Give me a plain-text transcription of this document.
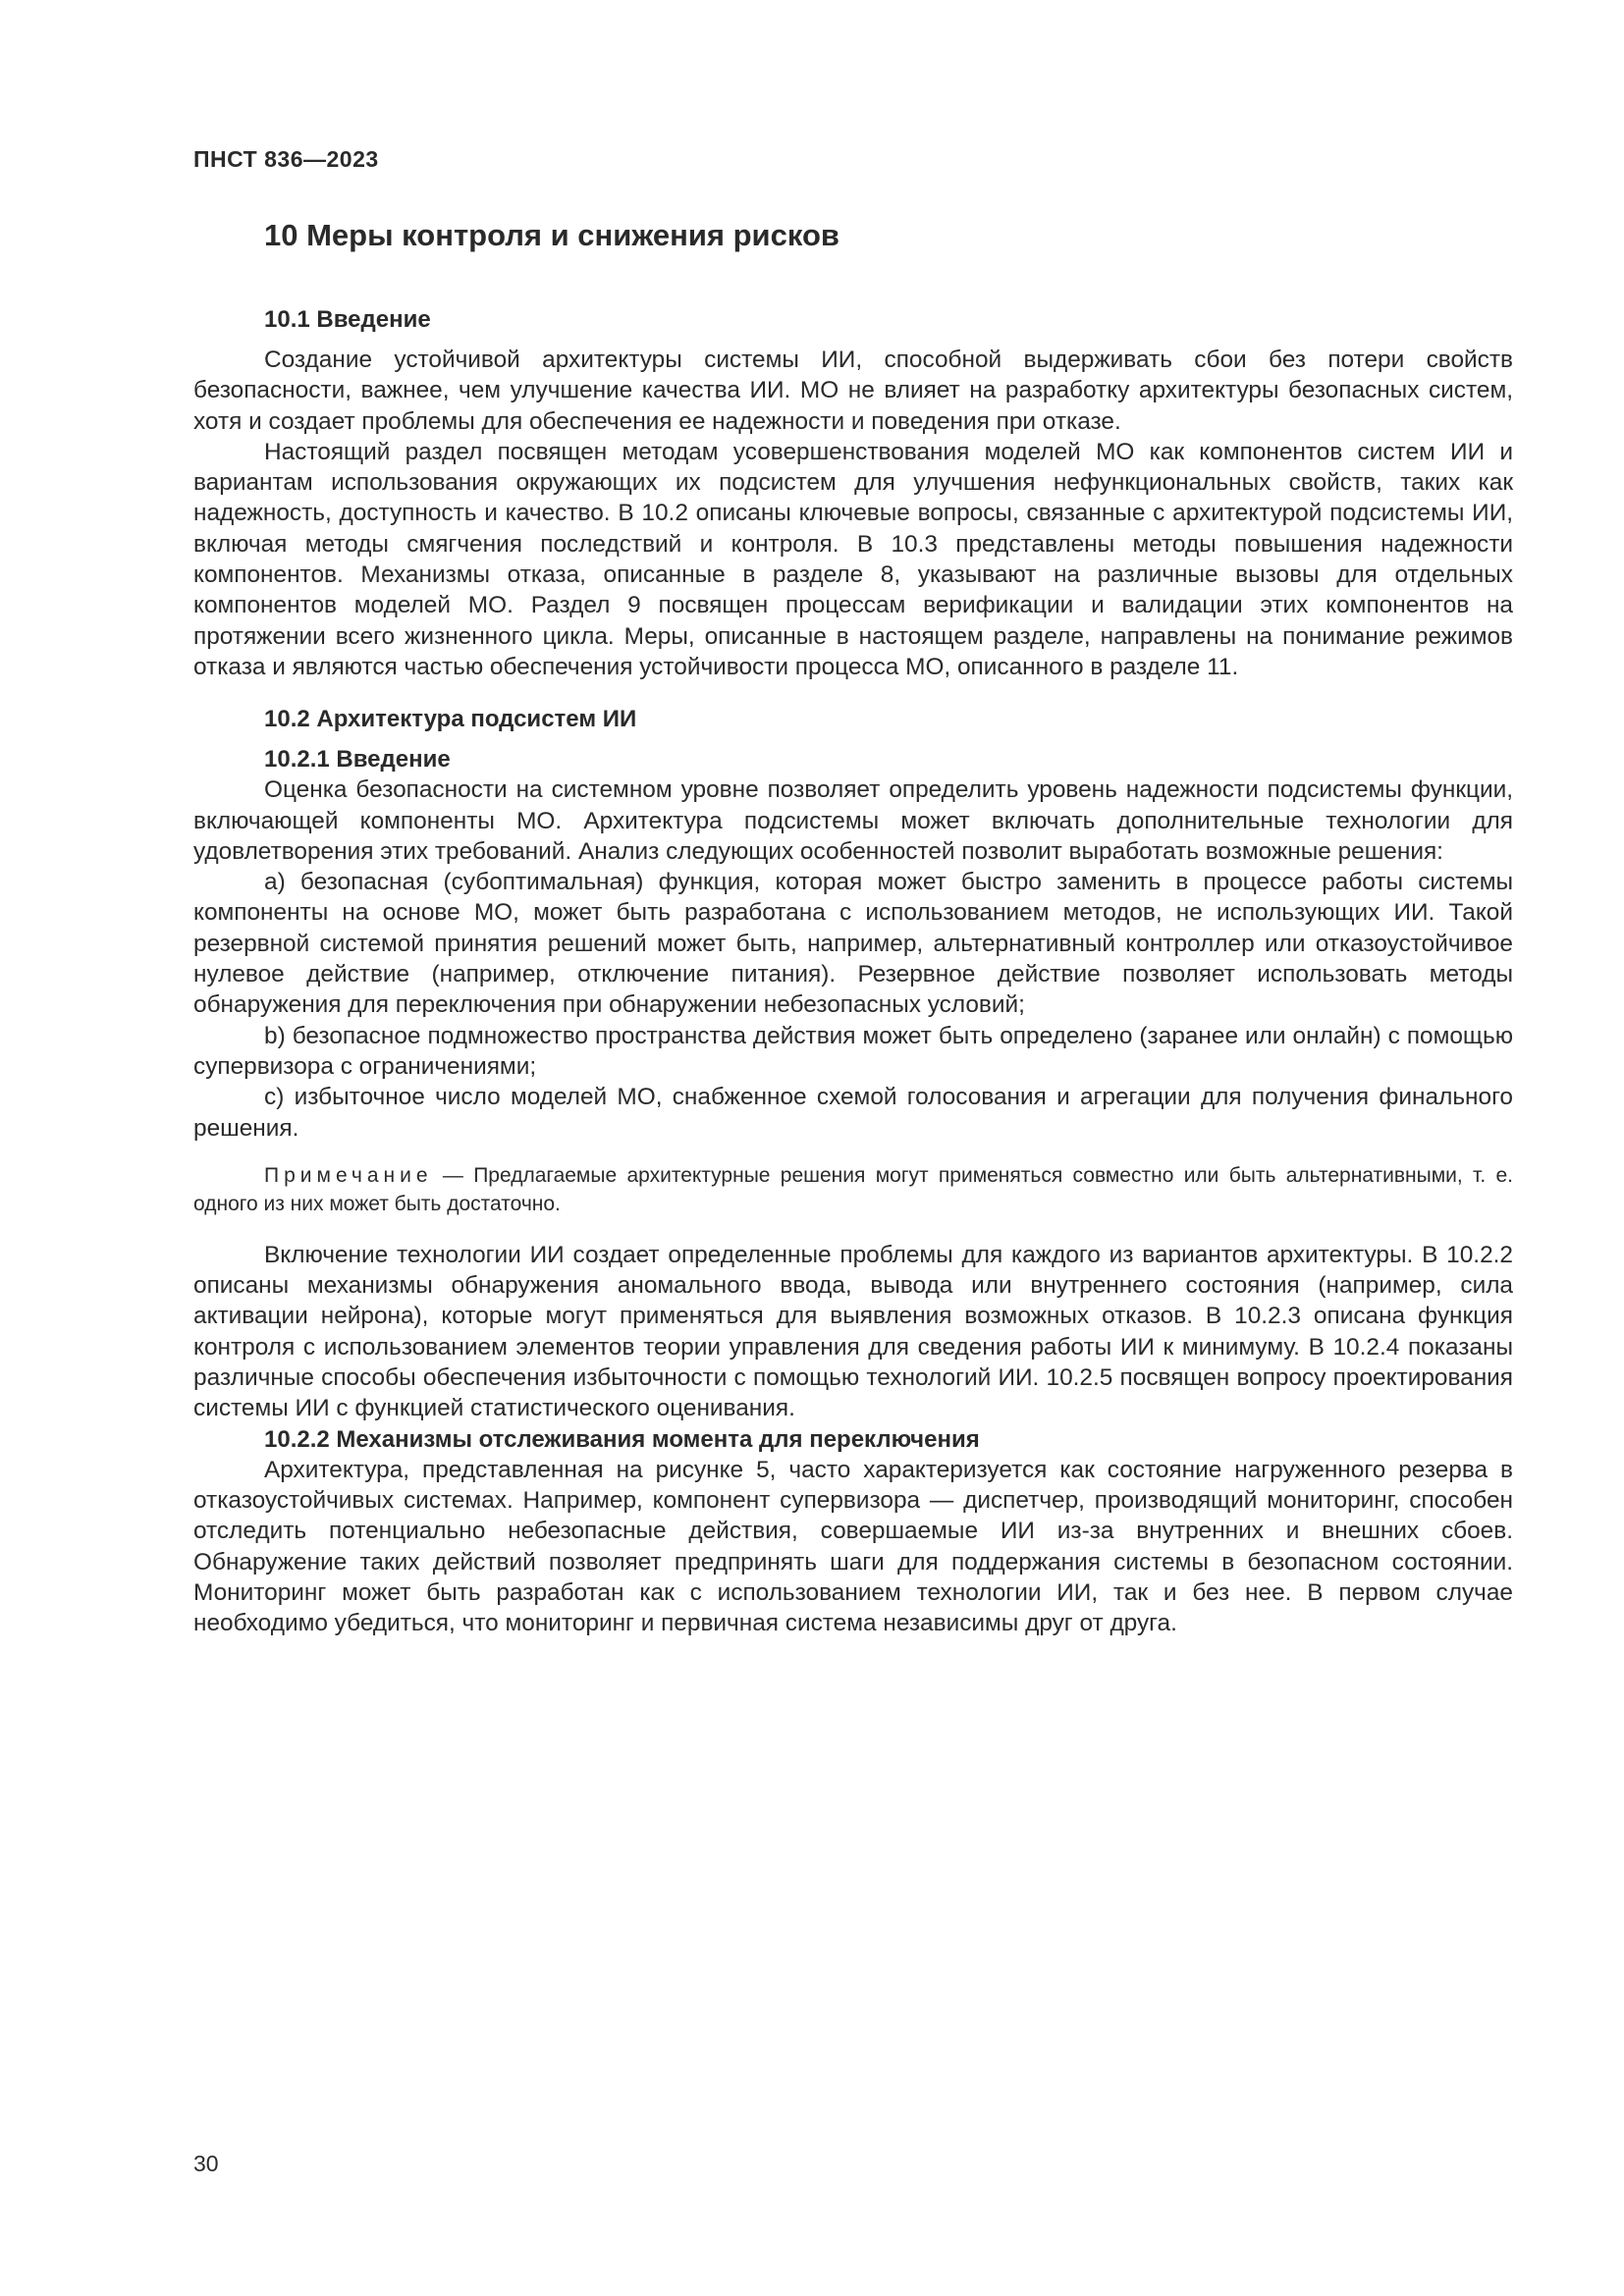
ПНСТ 836—2023
10 Меры контроля и снижения рисков
10.1 Введение

Создание устойчивой архитектуры системы ИИ, способной выдерживать сбои без потери свойств безопасности, важнее, чем улучшение качества ИИ. МО не влияет на разработку архитектуры безопасных систем, хотя и создает проблемы для обеспечения ее надежности и поведения при отказе.

Настоящий раздел посвящен методам усовершенствования моделей МО как компонентов систем ИИ и вариантам использования окружающих их подсистем для улучшения нефункциональных свойств, таких как надежность, доступность и качество. В 10.2 описаны ключевые вопросы, связанные с архитектурой подсистемы ИИ, включая методы смягчения последствий и контроля. В 10.3 представлены методы повышения надежности компонентов. Механизмы отказа, описанные в разделе 8, указывают на различные вызовы для отдельных компонентов моделей МО. Раздел 9 посвящен процессам верификации и валидации этих компонентов на протяжении всего жизненного цикла. Меры, описанные в настоящем разделе, направлены на понимание режимов отказа и являются частью обеспечения устойчивости процесса МО, описанного в разделе 11.

10.2 Архитектура подсистем ИИ
10.2.1 Введение

Оценка безопасности на системном уровне позволяет определить уровень надежности подсистемы функции, включающей компоненты МО. Архитектура подсистемы может включать дополнительные технологии для удовлетворения этих требований. Анализ следующих особенностей позволит выработать возможные решения:

a) безопасная (субоптимальная) функция, которая может быстро заменить в процессе работы системы компоненты на основе МО, может быть разработана с использованием методов, не использующих ИИ. Такой резервной системой принятия решений может быть, например, альтернативный контроллер или отказоустойчивое нулевое действие (например, отключение питания). Резервное действие позволяет использовать методы обнаружения для переключения при обнаружении небезопасных условий;

b) безопасное подмножество пространства действия может быть определено (заранее или онлайн) с помощью супервизора с ограничениями;

c) избыточное число моделей МО, снабженное схемой голосования и агрегации для получения финального решения.

Примечание — Предлагаемые архитектурные решения могут применяться совместно или быть альтернативными, т. е. одного из них может быть достаточно.

Включение технологии ИИ создает определенные проблемы для каждого из вариантов архитектуры. В 10.2.2 описаны механизмы обнаружения аномального ввода, вывода или внутреннего состояния (например, сила активации нейрона), которые могут применяться для выявления возможных отказов. В 10.2.3 описана функция контроля с использованием элементов теории управления для сведения работы ИИ к минимуму. В 10.2.4 показаны различные способы обеспечения избыточности с помощью технологий ИИ. 10.2.5 посвящен вопросу проектирования системы ИИ с функцией статистического оценивания.

10.2.2 Механизмы отслеживания момента для переключения

Архитектура, представленная на рисунке 5, часто характеризуется как состояние нагруженного резерва в отказоустойчивых системах. Например, компонент супервизора — диспетчер, производящий мониторинг, способен отследить потенциально небезопасные действия, совершаемые ИИ из-за внутренних и внешних сбоев. Обнаружение таких действий позволяет предпринять шаги для поддержания системы в безопасном состоянии. Мониторинг может быть разработан как с использованием технологии ИИ, так и без нее. В первом случае необходимо убедиться, что мониторинг и первичная система независимы друг от друга.

30
